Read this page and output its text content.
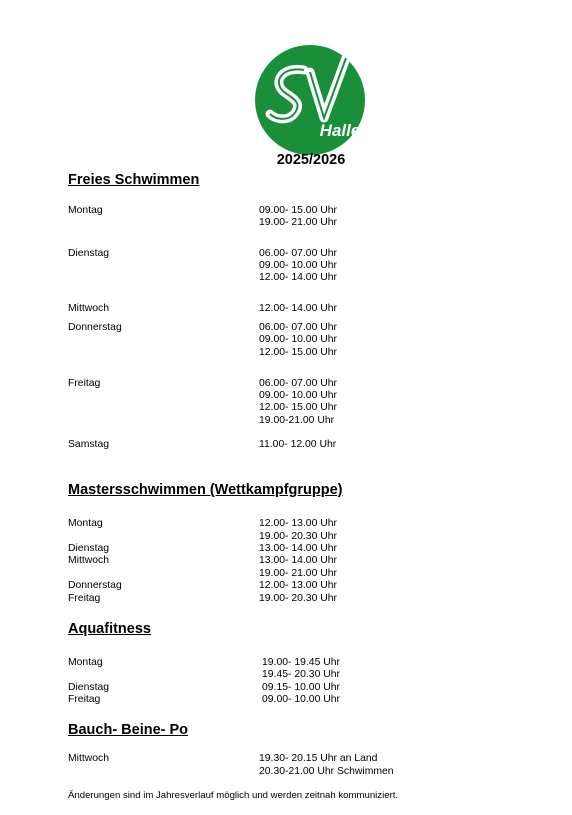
Halle
2025/2026
Freies Schwimmen
Montag	09.00- 15.00 Uhr
19.00- 21.00 Uhr
Dienstag	06.00- 07.00 Uhr
09.00- 10.00 Uhr
12.00- 14.00 Uhr
Mittwoch	12.00- 14.00 Uhr
Donnerstag	06.00- 07.00 Uhr
09.00- 10.00 Uhr
12.00- 15.00 Uhr
Freitag	06.00- 07.00 Uhr
09.00- 10.00 Uhr
12.00- 15.00 Uhr
19.00-21.00 Uhr
Samstag	11.00- 12.00 Uhr
Mastersschwimmen (Wettkampfgruppe)
Montag	12.00- 13.00 Uhr
19.00- 20.30 Uhr
Dienstag	13.00- 14.00 Uhr
Mittwoch	13.00- 14.00 Uhr
19.00- 21.00 Uhr
Donnerstag	12.00- 13.00 Uhr
Freitag	19.00- 20.30 Uhr
Aquafitness
Montag	19.00- 19.45 Uhr
19.45- 20.30 Uhr
Dienstag	09.15- 10.00 Uhr
Freitag	09.00- 10.00 Uhr
Bauch- Beine- Po
Mittwoch	19.30- 20.15 Uhr an Land
20.30-21.00 Uhr Schwimmen
Änderungen sind im Jahresverlauf möglich und werden zeitnah kommuniziert.
